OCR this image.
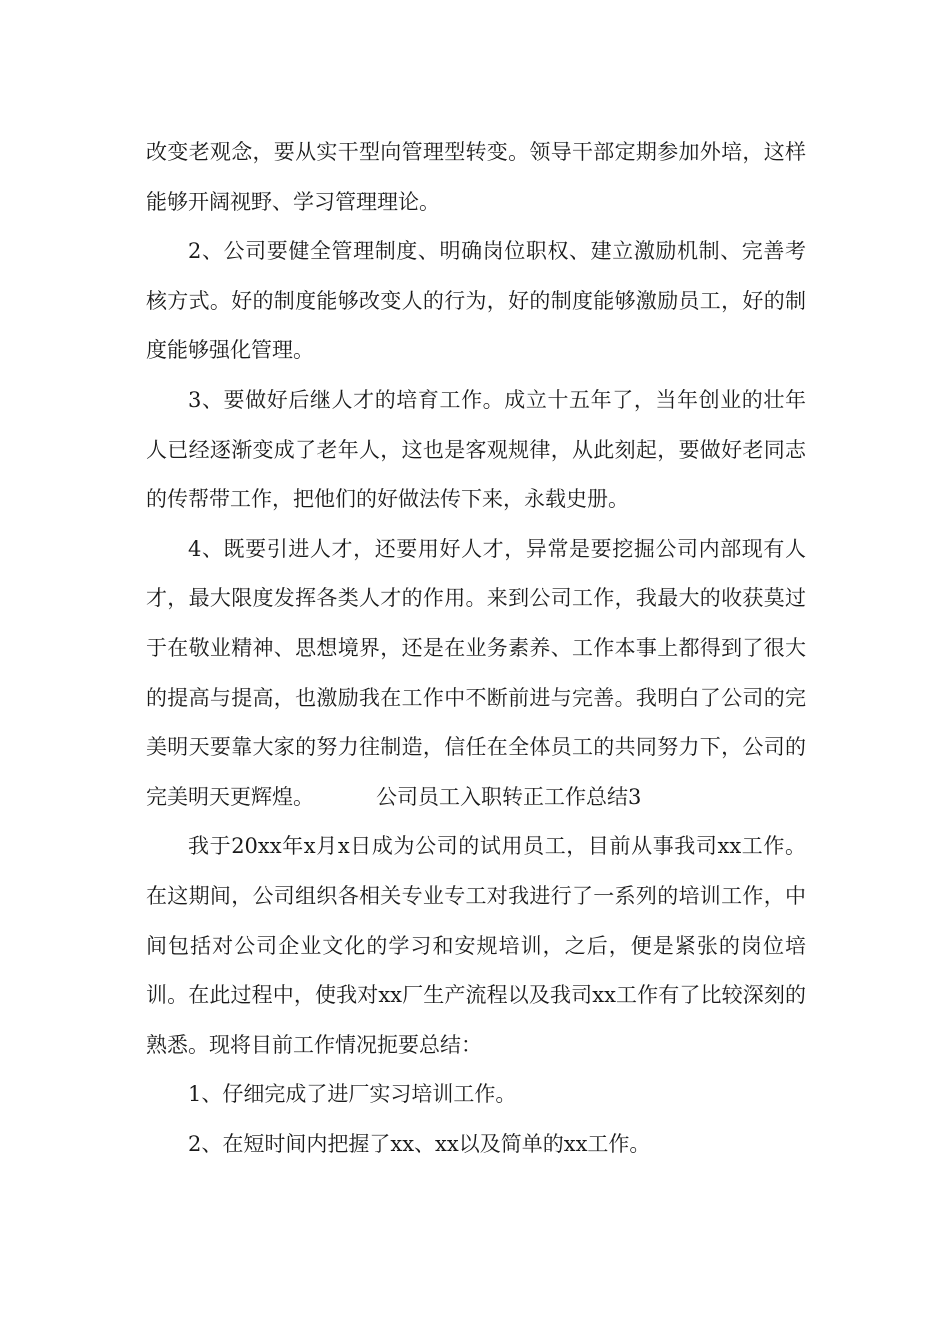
改变老观念，要从实干型向管理型转变。领导干部定期参加外培，这样能够开阔视野、学习管理理论。

2、公司要健全管理制度、明确岗位职权、建立激励机制、完善考核方式。好的制度能够改变人的行为，好的制度能够激励员工，好的制度能够强化管理。

3、要做好后继人才的培育工作。成立十五年了，当年创业的壮年人已经逐渐变成了老年人，这也是客观规律，从此刻起，要做好老同志的传帮带工作，把他们的好做法传下来，永载史册。

4、既要引进人才，还要用好人才，异常是要挖掘公司内部现有人才，最大限度发挥各类人才的作用。来到公司工作，我最大的收获莫过于在敬业精神、思想境界，还是在业务素养、工作本事上都得到了很大的提高与提高，也激励我在工作中不断前进与完善。我明白了公司的完美明天要靠大家的努力往制造，信任在全体员工的共同努力下，公司的完美明天更辉煌。	公司员工入职转正工作总结3

我于20xx年x月x日成为公司的试用员工，目前从事我司xx工作。在这期间，公司组织各相关专业专工对我进行了一系列的培训工作，中间包括对公司企业文化的学习和安规培训，之后，便是紧张的岗位培训。在此过程中，使我对xx厂生产流程以及我司xx工作有了比较深刻的熟悉。现将目前工作情况扼要总结：

1、仔细完成了进厂实习培训工作。

2、在短时间内把握了xx、xx以及简单的xx工作。
